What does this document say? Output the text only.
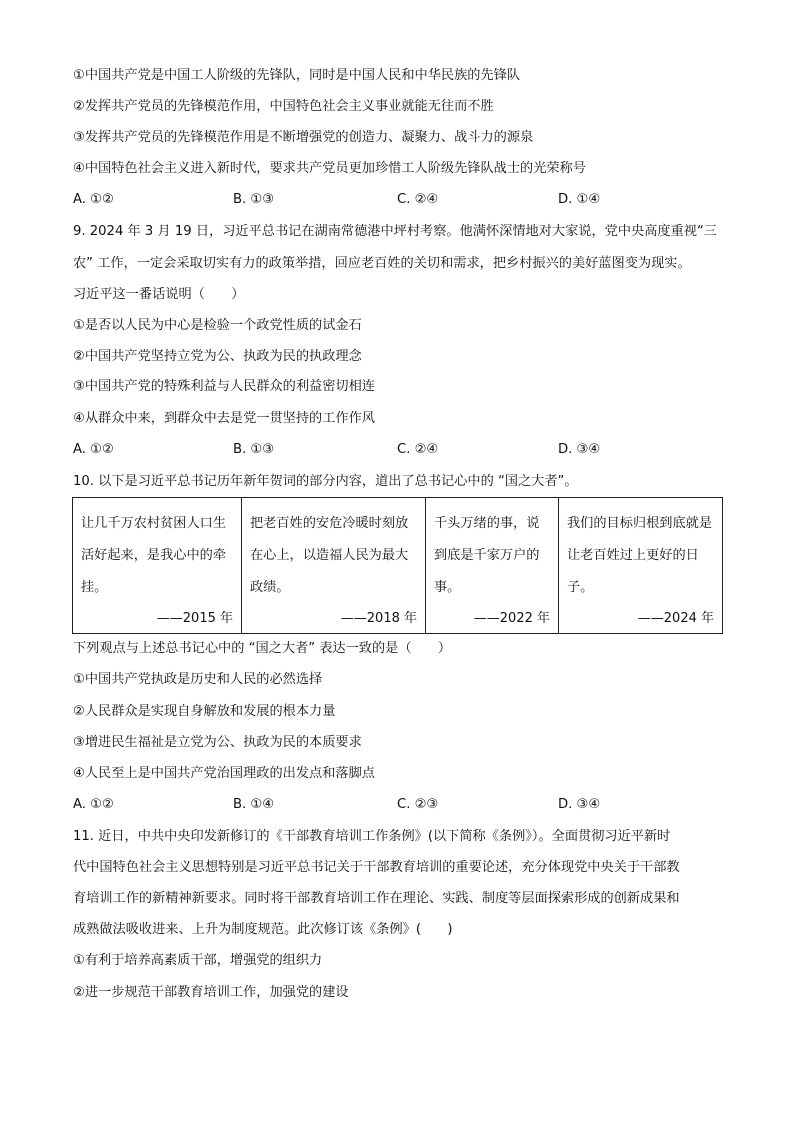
①中国共产党是中国工人阶级的先锋队，同时是中国人民和中华民族的先锋队
②发挥共产党员的先锋模范作用，中国特色社会主义事业就能无往而不胜
③发挥共产党员的先锋模范作用是不断增强党的创造力、凝聚力、战斗力的源泉
④中国特色社会主义进入新时代，要求共产党员更加珍惜工人阶级先锋队战士的光荣称号
A. ①②	B. ①③	C. ②④	D. ①④
9. 2024 年 3 月 19 日，习近平总书记在湖南常德港中坪村考察。他满怀深情地对大家说，党中央高度重视“三
农” 工作，一定会采取切实有力的政策举措，回应老百姓的关切和需求，把乡村振兴的美好蓝图变为现实。
习近平这一番话说明（　　）
①是否以人民为中心是检验一个政党性质的试金石
②中国共产党坚持立党为公、执政为民的执政理念
③中国共产党的特殊利益与人民群众的利益密切相连
④从群众中来，到群众中去是党一贯坚持的工作作风
A. ①②	B. ①③	C. ②④	D. ③④
10. 以下是习近平总书记历年新年贺词的部分内容，道出了总书记心中的 “国之大者”。
让几千万农村贫困人口生活好起来，是我心中的牵挂。
——2015 年

把老百姓的安危冷暖时刻放在心上，以造福人民为最大政绩。
——2018 年

千头万绪的事，说到底是千家万户的事。
——2022 年

我们的目标归根到底就是让老百姓过上更好的日子。
——2024 年
下列观点与上述总书记心中的 “国之大者” 表达一致的是（　　）
①中国共产党执政是历史和人民的必然选择
②人民群众是实现自身解放和发展的根本力量
③增进民生福祉是立党为公、执政为民的本质要求
④人民至上是中国共产党治国理政的出发点和落脚点
A. ①②	B. ①④	C. ②③	D. ③④
11. 近日，中共中央印发新修订的《干部教育培训工作条例》(以下简称《条例》）。全面贯彻习近平新时
代中国特色社会主义思想特别是习近平总书记关于干部教育培训的重要论述，充分体现党中央关于干部教
育培训工作的新精神新要求。同时将干部教育培训工作在理论、实践、制度等层面探索形成的创新成果和
成熟做法吸收进来、上升为制度规范。此次修订该《条例》(　　)
①有利于培养高素质干部，增强党的组织力
②进一步规范干部教育培训工作，加强党的建设
